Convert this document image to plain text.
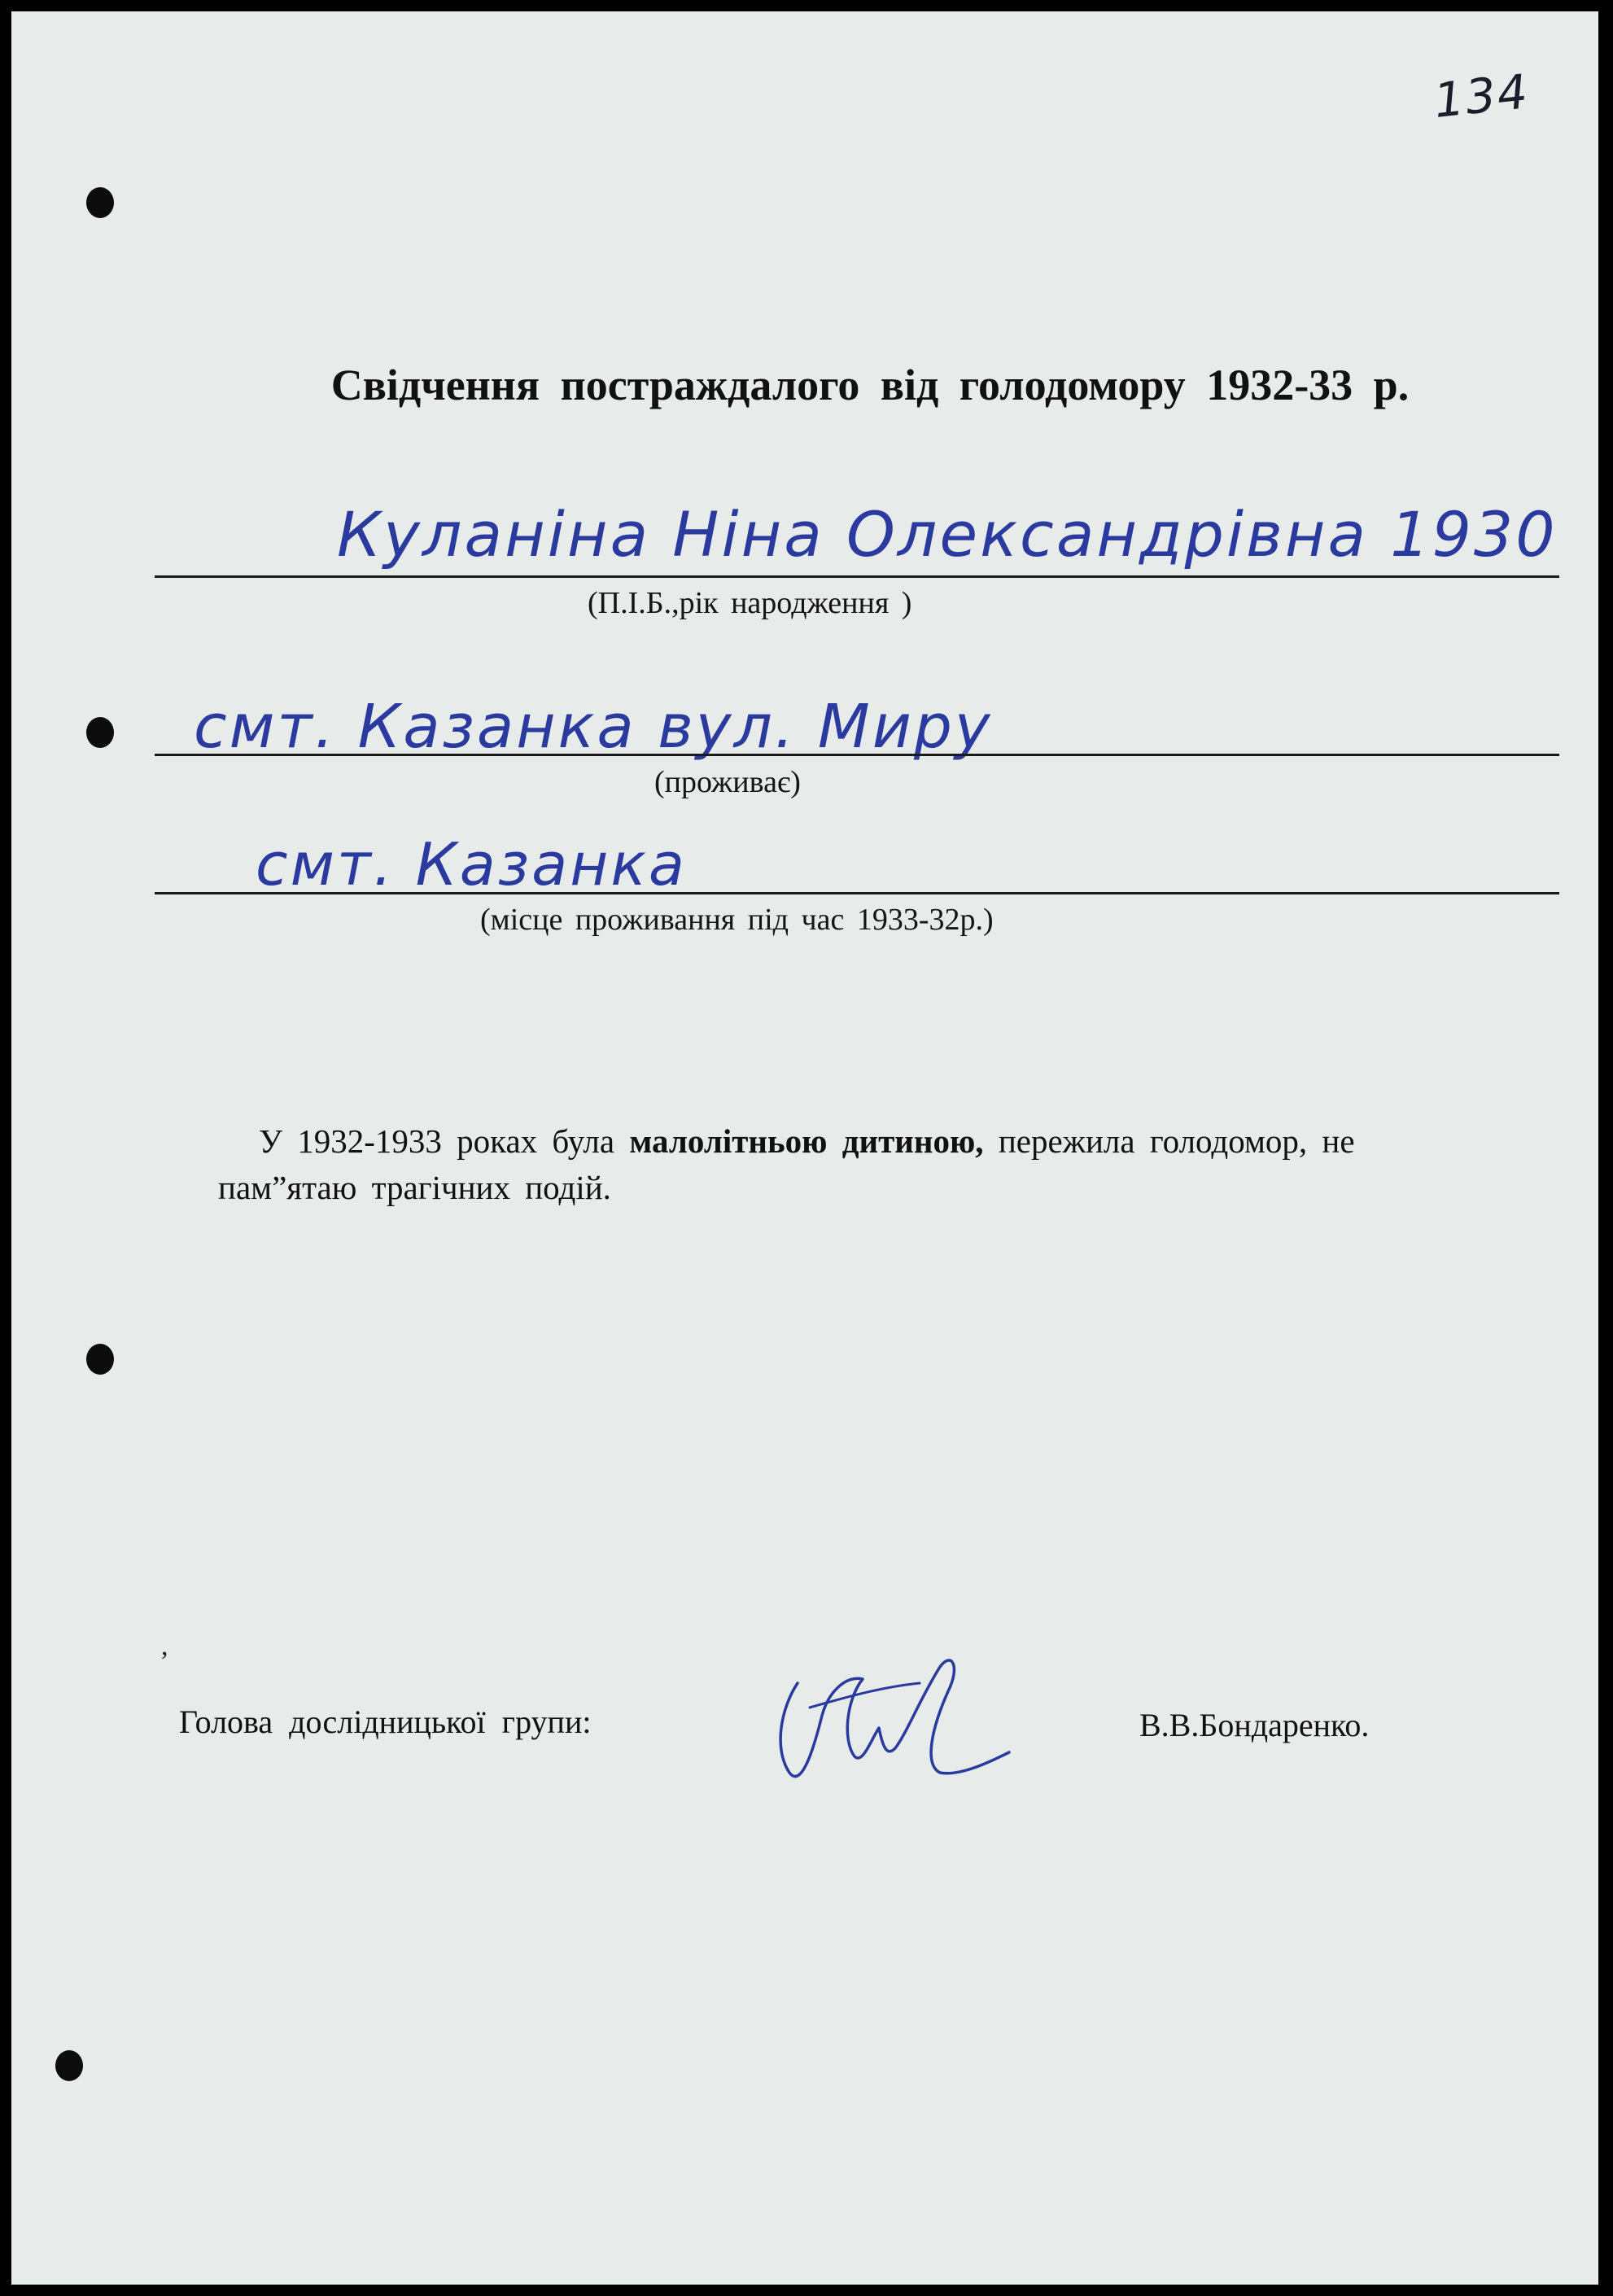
134
Свідчення постраждалого від голодомору 1932-33 р.
Куланіна Ніна Олександрівна 1930
(П.І.Б.,рік народження )
смт. Казанка вул. Миру
(проживає)
смт. Казанка
(місце проживання під час 1933-32р.)
У 1932-1933 роках була малолітньою дитиною, пережила голодомор, не пам”ятаю трагічних подій.
,
Голова дослідницької групи:	В.В.Бондаренко.
